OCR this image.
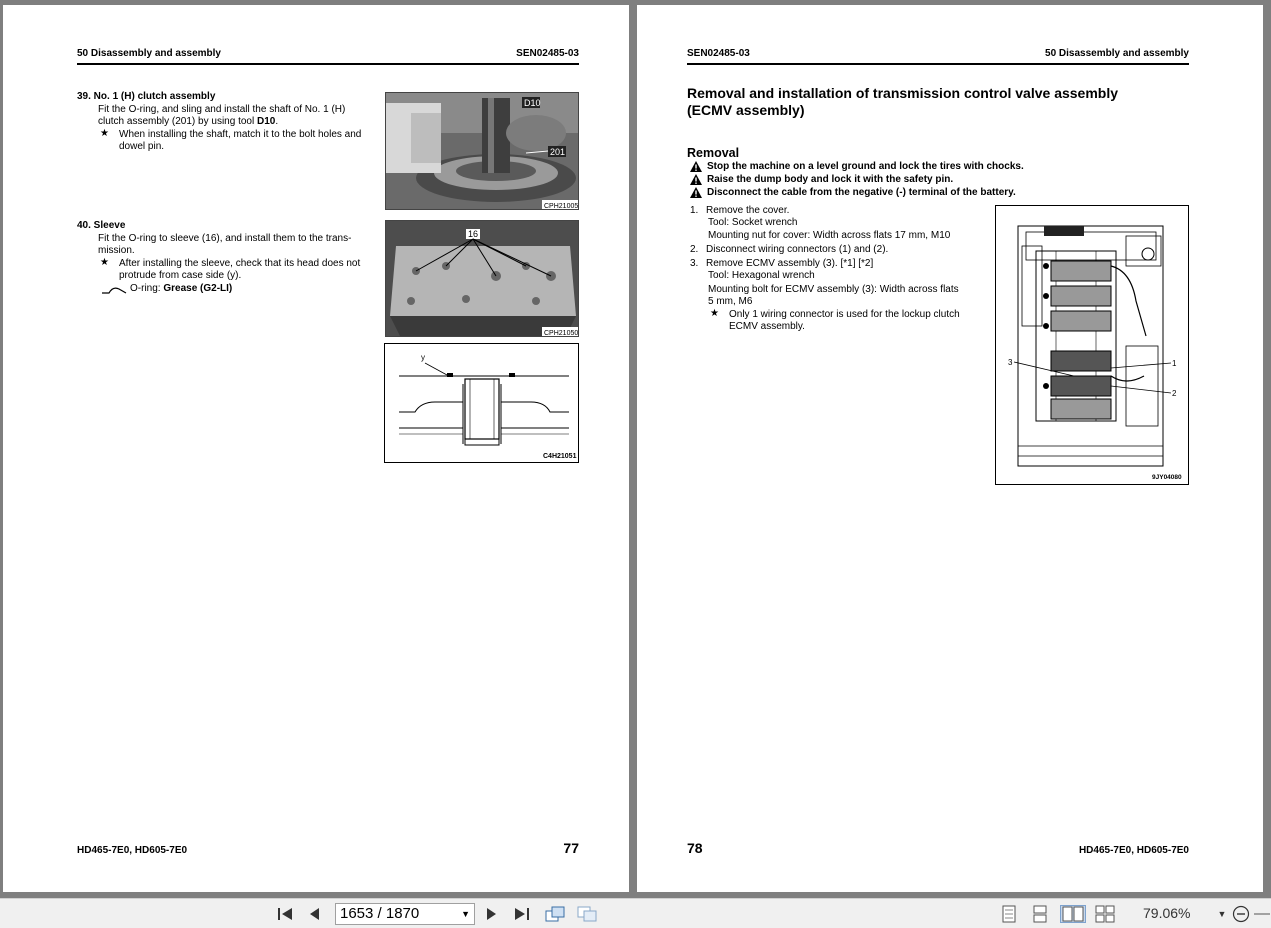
50 Disassembly and assembly	SEN02485-03
39. No. 1 (H) clutch assembly
Fit the O-ring, and sling and install the shaft of No. 1 (H)
clutch assembly (201) by using tool D10.
★ When installing the shaft, match it to the bolt holes and
dowel pin.
40. Sleeve
Fit the O-ring to sleeve (16), and install them to the trans-
mission.
★ After installing the sleeve, check that its head does not
protrude from case side (y).
O-ring: Grease (G2-LI)
D10
201
CPH21005
16
CPH21050
y
C4H21051
HD465-7E0, HD605-7E0	77
SEN02485-03	50 Disassembly and assembly
Removal and installation of transmission control valve assembly
(ECMV assembly)
Removal
Stop the machine on a level ground and lock the tires with chocks.
Raise the dump body and lock it with the safety pin.
Disconnect the cable from the negative (-) terminal of the battery.
1. Remove the cover.
Tool: Socket wrench
Mounting nut for cover: Width across flats 17 mm, M10
2. Disconnect wiring connectors (1) and (2).
3. Remove ECMV assembly (3). [*1] [*2]
Tool: Hexagonal wrench
Mounting bolt for ECMV assembly (3): Width across flats
5 mm, M6
★ Only 1 wiring connector is used for the lockup clutch
ECMV assembly.
3	1
2
9JY04080
78	HD465-7E0, HD605-7E0
1653 / 1870	▼	79.06%	▼
